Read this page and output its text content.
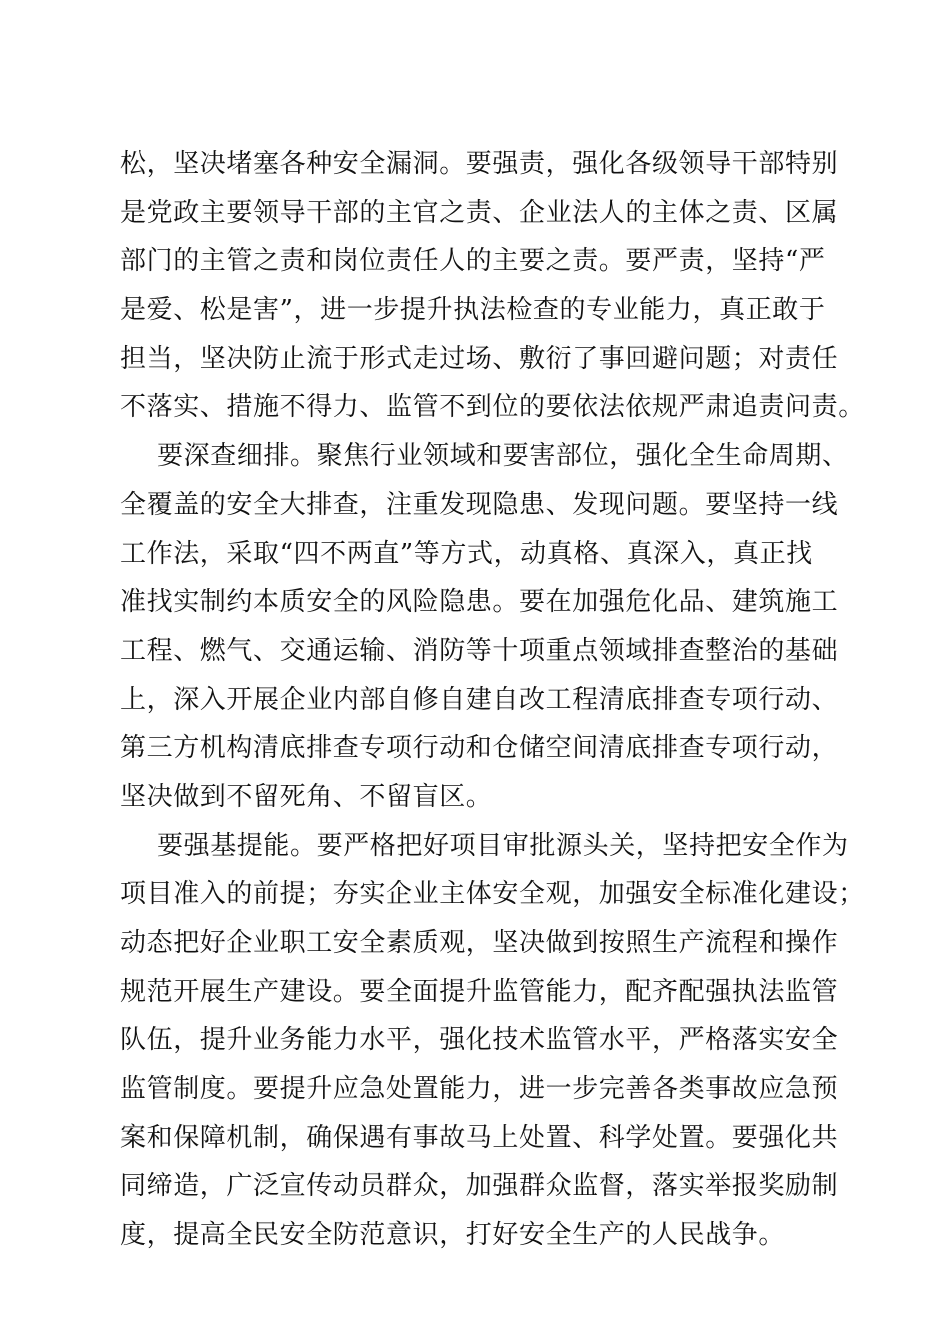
松，坚决堵塞各种安全漏洞。要强责，强化各级领导干部特别
是党政主要领导干部的主官之责、企业法人的主体之责、区属
部门的主管之责和岗位责任人的主要之责。要严责，坚持“严
是爱、松是害”，进一步提升执法检查的专业能力，真正敢于
担当，坚决防止流于形式走过场、敷衍了事回避问题；对责任
不落实、措施不得力、监管不到位的要依法依规严肃追责问责。
要深查细排。聚焦行业领域和要害部位，强化全生命周期、
全覆盖的安全大排查，注重发现隐患、发现问题。要坚持一线
工作法，采取“四不两直”等方式，动真格、真深入，真正找
准找实制约本质安全的风险隐患。要在加强危化品、建筑施工
工程、燃气、交通运输、消防等十项重点领域排查整治的基础
上，深入开展企业内部自修自建自改工程清底排查专项行动、
第三方机构清底排查专项行动和仓储空间清底排查专项行动，
坚决做到不留死角、不留盲区。
要强基提能。要严格把好项目审批源头关，坚持把安全作为
项目准入的前提；夯实企业主体安全观，加强安全标准化建设；
动态把好企业职工安全素质观，坚决做到按照生产流程和操作
规范开展生产建设。要全面提升监管能力，配齐配强执法监管
队伍，提升业务能力水平，强化技术监管水平，严格落实安全
监管制度。要提升应急处置能力，进一步完善各类事故应急预
案和保障机制，确保遇有事故马上处置、科学处置。要强化共
同缔造，广泛宣传动员群众，加强群众监督，落实举报奖励制
度，提高全民安全防范意识，打好安全生产的人民战争。
